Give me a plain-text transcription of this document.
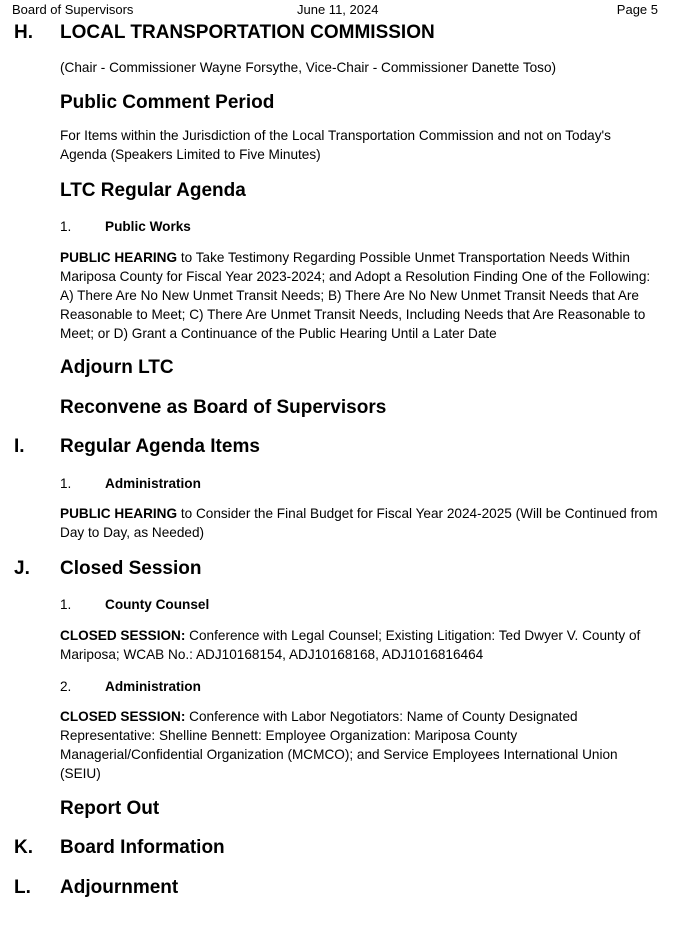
Board of Supervisors	June 11, 2024	Page 5
H. LOCAL TRANSPORTATION COMMISSION
(Chair - Commissioner Wayne Forsythe, Vice-Chair - Commissioner Danette Toso)
Public Comment Period
For Items within the Jurisdiction of the Local Transportation Commission and not on Today's Agenda (Speakers Limited to Five Minutes)
LTC Regular Agenda
1. Public Works
PUBLIC HEARING to Take Testimony Regarding Possible Unmet Transportation Needs Within Mariposa County for Fiscal Year 2023-2024; and Adopt a Resolution Finding One of the Following: A) There Are No New Unmet Transit Needs; B) There Are No New Unmet Transit Needs that Are Reasonable to Meet; C) There Are Unmet Transit Needs, Including Needs that Are Reasonable to Meet; or D) Grant a Continuance of the Public Hearing Until a Later Date
Adjourn LTC
Reconvene as Board of Supervisors
I. Regular Agenda Items
1. Administration
PUBLIC HEARING to Consider the Final Budget for Fiscal Year 2024-2025 (Will be Continued from Day to Day, as Needed)
J. Closed Session
1. County Counsel
CLOSED SESSION: Conference with Legal Counsel; Existing Litigation: Ted Dwyer V. County of Mariposa; WCAB No.: ADJ10168154, ADJ10168168, ADJ1016816464
2. Administration
CLOSED SESSION: Conference with Labor Negotiators: Name of County Designated Representative: Shelline Bennett: Employee Organization: Mariposa County Managerial/Confidential Organization (MCMCO); and Service Employees International Union (SEIU)
Report Out
K. Board Information
L. Adjournment
